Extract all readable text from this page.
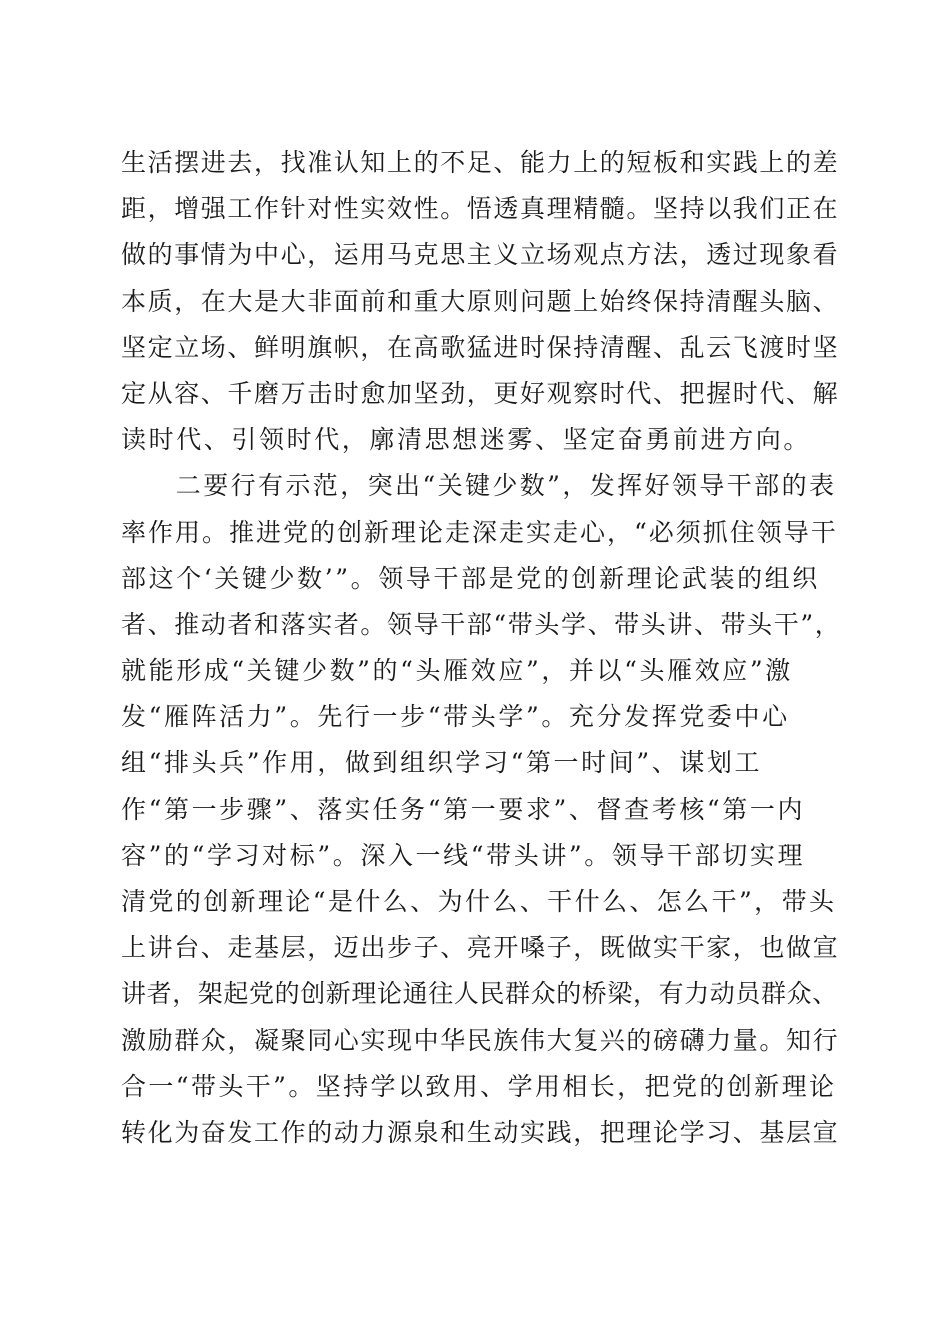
生活摆进去，找准认知上的不足、能力上的短板和实践上的差
距，增强工作针对性实效性。悟透真理精髓。坚持以我们正在
做的事情为中心，运用马克思主义立场观点方法，透过现象看
本质，在大是大非面前和重大原则问题上始终保持清醒头脑、
坚定立场、鲜明旗帜，在高歌猛进时保持清醒、乱云飞渡时坚
定从容、千磨万击时愈加坚劲，更好观察时代、把握时代、解
读时代、引领时代，廓清思想迷雾、坚定奋勇前进方向。
　　二要行有示范，突出“关键少数”，发挥好领导干部的表
率作用。推进党的创新理论走深走实走心，“必须抓住领导干
部这个‘关键少数’”。领导干部是党的创新理论武装的组织
者、推动者和落实者。领导干部“带头学、带头讲、带头干”，
就能形成“关键少数”的“头雁效应”，并以“头雁效应”激
发“雁阵活力”。先行一步“带头学”。充分发挥党委中心
组“排头兵”作用，做到组织学习“第一时间”、谋划工
作“第一步骤”、落实任务“第一要求”、督查考核“第一内
容”的“学习对标”。深入一线“带头讲”。领导干部切实理
清党的创新理论“是什么、为什么、干什么、怎么干”，带头
上讲台、走基层，迈出步子、亮开嗓子，既做实干家，也做宣
讲者，架起党的创新理论通往人民群众的桥梁，有力动员群众、
激励群众，凝聚同心实现中华民族伟大复兴的磅礴力量。知行
合一“带头干”。坚持学以致用、学用相长，把党的创新理论
转化为奋发工作的动力源泉和生动实践，把理论学习、基层宣
